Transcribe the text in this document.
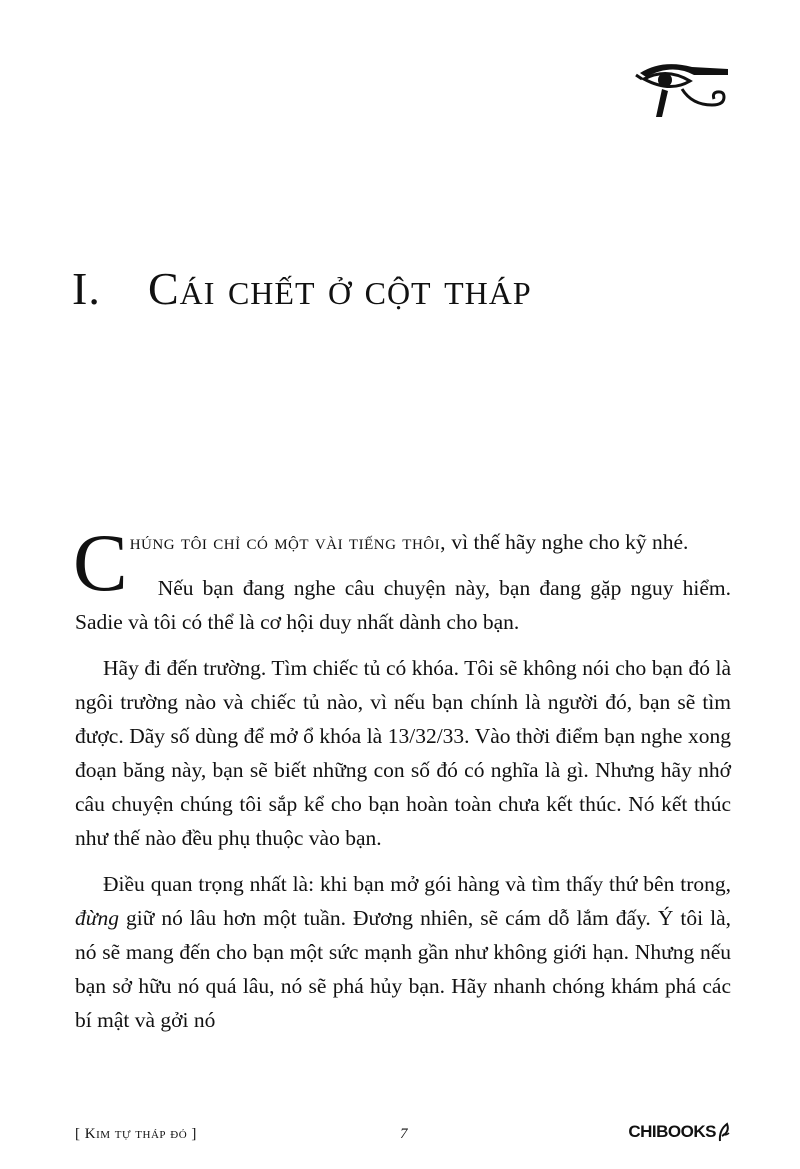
I. Cái chết ở cột tháp

Chúng tôi chỉ có một vài tiếng thôi, vì thế hãy nghe cho kỹ nhé.

Nếu bạn đang nghe câu chuyện này, bạn đang gặp nguy hiểm. Sadie và tôi có thể là cơ hội duy nhất dành cho bạn.

Hãy đi đến trường. Tìm chiếc tủ có khóa. Tôi sẽ không nói cho bạn đó là ngôi trường nào và chiếc tủ nào, vì nếu bạn chính là người đó, bạn sẽ tìm được. Dãy số dùng để mở ổ khóa là 13/32/33. Vào thời điểm bạn nghe xong đoạn băng này, bạn sẽ biết những con số đó có nghĩa là gì. Nhưng hãy nhớ câu chuyện chúng tôi sắp kể cho bạn hoàn toàn chưa kết thúc. Nó kết thúc như thế nào đều phụ thuộc vào bạn.

Điều quan trọng nhất là: khi bạn mở gói hàng và tìm thấy thứ bên trong, đừng giữ nó lâu hơn một tuần. Đương nhiên, sẽ cám dỗ lắm đấy. Ý tôi là, nó sẽ mang đến cho bạn một sức mạnh gần như không giới hạn. Nhưng nếu bạn sở hữu nó quá lâu, nó sẽ phá hủy bạn. Hãy nhanh chóng khám phá các bí mật và gởi nó

[ Kim tự tháp đỏ ]	7	CHIBOOKS
